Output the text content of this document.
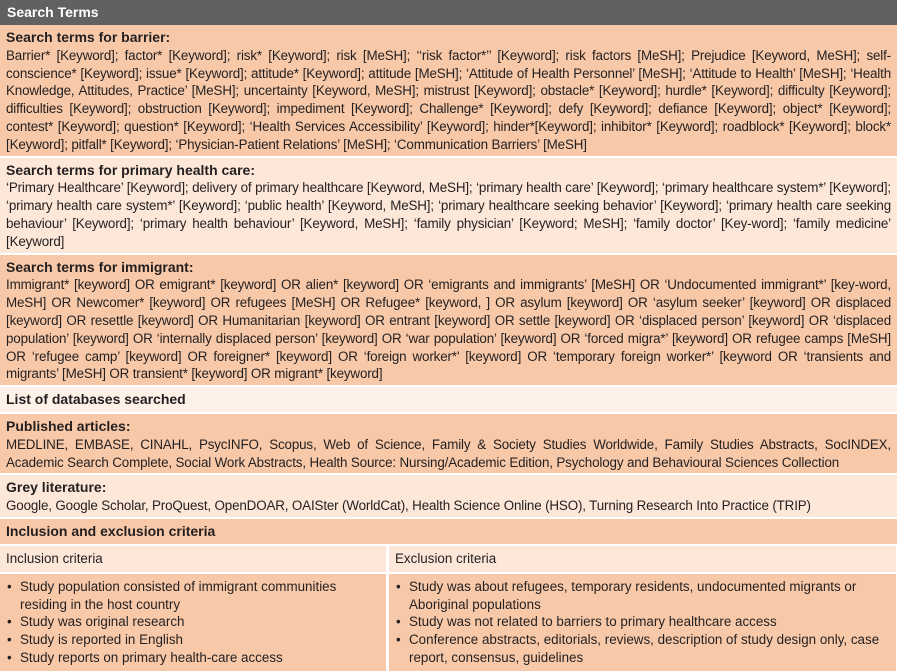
Search Terms
Search terms for barrier:
Barrier* [Keyword]; factor* [Keyword]; risk* [Keyword]; risk [MeSH]; ‘‘risk factor*’’ [Keyword]; risk factors [MeSH]; Prejudice [Keyword, MeSH]; self-conscience* [Keyword]; issue* [Keyword]; attitude* [Keyword]; attitude [MeSH]; ‘Attitude of Health Personnel’ [MeSH]; ‘Attitude to Health’ [MeSH]; ‘Health Knowledge, Attitudes, Practice’ [MeSH]; uncertainty [Keyword, MeSH]; mistrust [Keyword]; obstacle* [Keyword]; hurdle* [Keyword]; difficulty [Keyword]; difficulties [Keyword]; obstruction [Keyword]; impediment [Keyword]; Challenge* [Keyword]; defy [Keyword]; defiance [Keyword]; object* [Keyword]; contest* [Keyword]; question* [Keyword]; ‘Health Services Accessibility’ [Keyword]; hinder*[Keyword]; inhibitor* [Keyword]; roadblock* [Keyword]; block* [Keyword]; pitfall* [Keyword]; ‘Physician-Patient Relations’ [MeSH]; ‘Communication Barriers’ [MeSH]
Search terms for primary health care:
‘Primary Healthcare’ [Keyword]; delivery of primary healthcare [Keyword, MeSH]; ‘primary health care’ [Keyword]; ‘primary healthcare system*’ [Keyword]; ‘primary health care system*’ [Keyword]; ‘public health’ [Keyword, MeSH]; ‘primary healthcare seeking behavior’ [Keyword]; ‘primary health care seeking behaviour’ [Keyword]; ‘primary health behaviour’ [Keyword, MeSH]; ‘family physician’ [Keyword; MeSH]; ‘family doctor’ [Key-word]; ‘family medicine’ [Keyword]
Search terms for immigrant:
Immigrant* [keyword] OR emigrant* [keyword] OR alien* [keyword] OR ‘emigrants and immigrants’ [MeSH] OR ‘Undocumented immigrant*’ [key-word, MeSH] OR Newcomer* [keyword] OR refugees [MeSH] OR Refugee* [keyword, ] OR asylum [keyword] OR ‘asylum seeker’ [keyword] OR displaced [keyword] OR resettle [keyword] OR Humanitarian [keyword] OR entrant [keyword] OR settle [keyword] OR ‘displaced person’ [keyword] OR ‘displaced population’ [keyword] OR ‘internally displaced person’ [keyword] OR ‘war population’ [keyword] OR ‘forced migra*’ [keyword] OR refugee camps [MeSH] OR ‘refugee camp’ [keyword] OR foreigner* [keyword] OR ‘foreign worker*’ [keyword] OR ‘temporary foreign worker*’ [keyword OR ‘transients and migrants’ [MeSH] OR transient* [keyword] OR migrant* [keyword]
List of databases searched
Published articles:
MEDLINE, EMBASE, CINAHL, PsycINFO, Scopus, Web of Science, Family & Society Studies Worldwide, Family Studies Abstracts, SocINDEX, Academic Search Complete, Social Work Abstracts, Health Source: Nursing/Academic Edition, Psychology and Behavioural Sciences Collection
Grey literature:
Google, Google Scholar, ProQuest, OpenDOAR, OAISter (WorldCat), Health Science Online (HSO), Turning Research Into Practice (TRIP)
Inclusion and exclusion criteria
Inclusion criteria
• Study population consisted of immigrant communities residing in the host country
• Study was original research
• Study is reported in English
• Study reports on primary health-care access
Exclusion criteria
• Study was about refugees, temporary residents, undocumented migrants or Aboriginal populations
• Study was not related to barriers to primary healthcare access
• Conference abstracts, editorials, reviews, description of study design only, case report, consensus, guidelines
